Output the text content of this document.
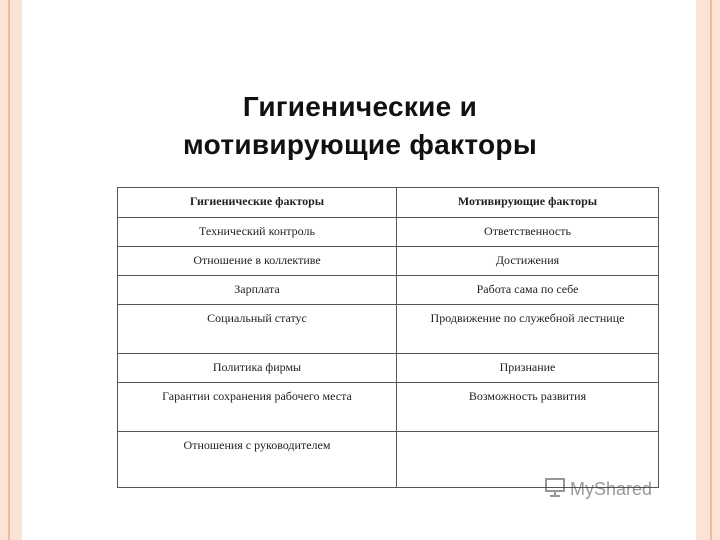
Гигиенические и мотивирующие факторы
Гигиенические факторы	Мотивирующие факторы
Технический контроль	Ответственность
Отношение в коллективе	Достижения
Зарплата	Работа сама по себе
Социальный статус	Продвижение по служебной лестнице
Политика фирмы	Признание
Гарантии сохранения рабочего места	Возможность развития
Отношения с руководителем	
MyShared
